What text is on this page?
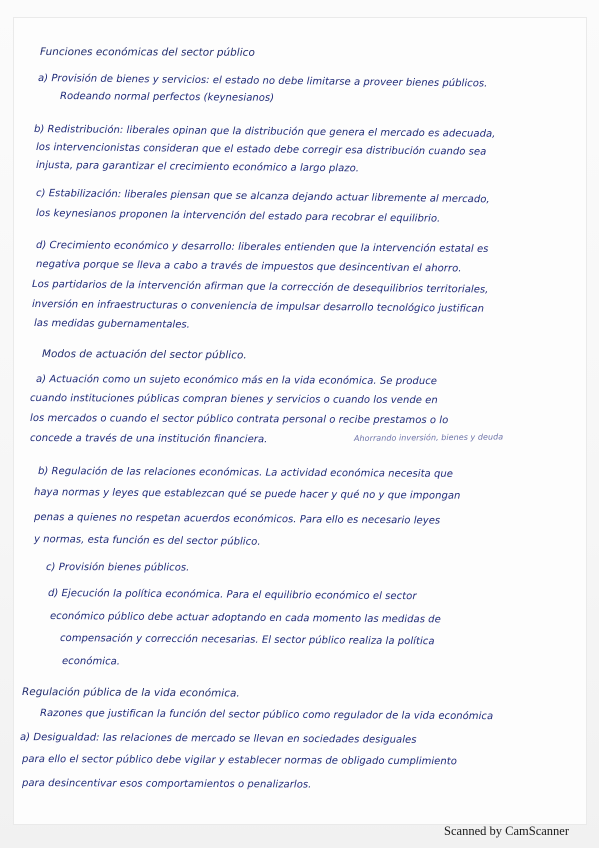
Funciones económicas del sector público
a) Provisión de bienes y servicios: el estado no debe limitarse a proveer bienes públicos.
Rodeando normal perfectos (keynesianos)
b) Redistribución: liberales opinan que la distribución que genera el mercado es adecuada,
los intervencionistas consideran que el estado debe corregir esa distribución cuando sea
injusta, para garantizar el crecimiento económico a largo plazo.
c) Estabilización: liberales piensan que se alcanza dejando actuar libremente al mercado,
los keynesianos proponen la intervención del estado para recobrar el equilibrio.
d) Crecimiento económico y desarrollo: liberales entienden que la intervención estatal es
negativa porque se lleva a cabo a través de impuestos que desincentivan el ahorro.
Los partidarios de la intervención afirman que la corrección de desequilibrios territoriales,
inversión en infraestructuras o conveniencia de impulsar desarrollo tecnológico justifican
las medidas gubernamentales.
Modos de actuación del sector público.
a) Actuación como un sujeto económico más en la vida económica. Se produce
cuando instituciones públicas compran bienes y servicios o cuando los vende en
los mercados o cuando el sector público contrata personal o recibe prestamos o lo
concede a través de una institución financiera.	Ahorrando inversión, bienes y deuda
b) Regulación de las relaciones económicas. La actividad económica necesita que
haya normas y leyes que establezcan qué se puede hacer y qué no y que impongan
penas a quienes no respetan acuerdos económicos. Para ello es necesario leyes
y normas, esta función es del sector público.
c) Provisión bienes públicos.
d) Ejecución la política económica. Para el equilibrio económico el sector
económico público debe actuar adoptando en cada momento las medidas de
compensación y corrección necesarias. El sector público realiza la política
económica.
Regulación pública de la vida económica.
Razones que justifican la función del sector público como regulador de la vida económica
a) Desigualdad: las relaciones de mercado se llevan en sociedades desiguales
para ello el sector público debe vigilar y establecer normas de obligado cumplimiento
para desincentivar esos comportamientos o penalizarlos.
Scanned by CamScanner
